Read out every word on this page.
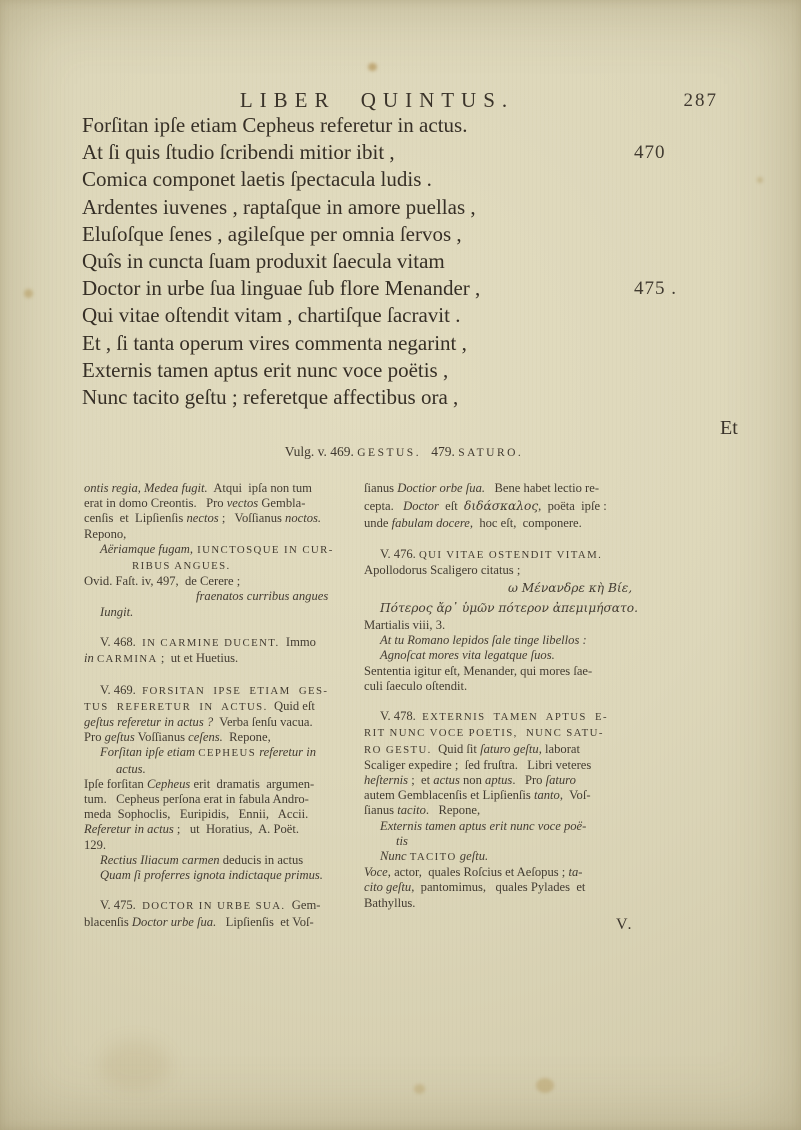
LIBER QUINTUS.	287
Forſitan ipſe etiam Cepheus referetur in actus.
At ſi quis ſtudio ſcribendi mitior ibit ,	470
Comica componet laetis ſpectacula ludis .
Ardentes iuvenes , raptaſque in amore puellas ,
Eluſoſque ſenes , agileſque per omnia ſervos ,
Quîs in cuncta ſuam produxit ſaecula vitam
Doctor in urbe ſua linguae ſub flore Menander ,	475 .
Qui vitae oſtendit vitam , chartiſque ſacravit .
Et , ſi tanta operum vires commenta negarint ,
Externis tamen aptus erit nunc voce poëtis ,
Nunc tacito geſtu ; referetque affectibus ora ,
Et
Vulg. v. 469. GESTUS.   479. SATURO.
ontis regia, Medea fugit.  Atqui  ipſa non tum
erat in domo Creontis.   Pro vectos Gembla-
cenſis  et  Lipſienſis nectos ;   Voſſianus noctos.
Repono,
Aëriamque fugam, IUNCTOSQUE IN CUR-
RIBUS ANGUES.
Ovid. Faſt. iv, 497,  de Cerere ;
fraenatos curribus angues
Iungit.
V. 468.  IN CARMINE DUCENT.  Immo
in CARMINA ;  ut et Huetius.
V. 469.  FORSITAN  IPSE  ETIAM  GES-
TUS  REFERETUR  IN  ACTUS.  Quid eſt
geſtus referetur in actus ?  Verba ſenſu vacua.
Pro geſtus Voſſianus ceſens.  Repone,
Forſitan ipſe etiam CEPHEUS referetur in
actus.
Ipſe forſitan Cepheus erit  dramatis  argumen-
tum.   Cepheus perſona erat in fabula Andro-
meda  Sophoclis,   Euripidis,   Ennii,   Accii.
Referetur in actus ;   ut  Horatius,  A. Poët.
129.
Rectius Iliacum carmen deducis in actus
Quam ſi proferres ignota indictaque primus.
V. 475.  DOCTOR IN URBE SUA.  Gem-
blacenſis Doctor urbe ſua.   Lipſienſis  et Voſ-
ſianus Doctior orbe ſua.   Bene habet lectio re-
cepta.   Doctor  eſt  διδάσκαλος,  poëta  ipſe :
unde fabulam docere,  hoc eſt,  componere.
V. 476. QUI VITAE OSTENDIT VITAM.
Apollodorus Scaligero citatus ;
ω Μένανδρε κὴ Βίε,
Πότερος ἄρ᾽ ὑμῶν πότερον ἀπεμιμήσατο.
Martialis viii, 3.
At tu Romano lepidos ſale tinge libellos :
Agnoſcat mores vita legatque ſuos.
Sententia igitur eſt, Menander, qui mores ſae-
culi ſaeculo oſtendit.
V. 478.  EXTERNIS  TAMEN  APTUS  E-
RIT NUNC VOCE POETIS,  NUNC SATU-
RO GESTU.  Quid ſit ſaturo geſtu, laborat
Scaliger expedire ;  ſed fruſtra.   Libri veteres
heſternis ;  et actus non aptus.   Pro ſaturo
autem Gemblacenſis et Lipſienſis tanto,  Voſ-
ſianus tacito.   Repone,
Externis tamen aptus erit nunc voce poë-
tis
Nunc TACITO geſtu.
Voce, actor,  quales Roſcius et Aeſopus ; ta-
cito geſtu,  pantomimus,   quales Pylades  et
Bathyllus.
V.
